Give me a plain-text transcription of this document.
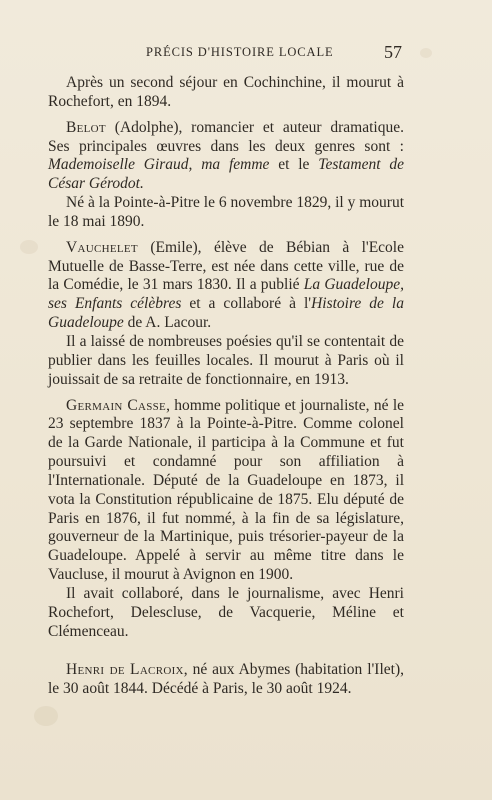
PRÉCIS D'HISTOIRE LOCALE	57

Après un second séjour en Cochinchine, il mourut à Rochefort, en 1894.

Belot (Adolphe), romancier et auteur dramatique. Ses principales œuvres dans les deux genres sont : Mademoiselle Giraud, ma femme et le Testament de César Gérodot.

Né à la Pointe-à-Pitre le 6 novembre 1829, il y mourut le 18 mai 1890.

Vauchelet (Emile), élève de Bébian à l'Ecole Mutuelle de Basse-Terre, est née dans cette ville, rue de la Comédie, le 31 mars 1830. Il a publié La Guadeloupe, ses Enfants célèbres et a collaboré à l'Histoire de la Guadeloupe de A. Lacour.

Il a laissé de nombreuses poésies qu'il se contentait de publier dans les feuilles locales. Il mourut à Paris où il jouissait de sa retraite de fonctionnaire, en 1913.

Germain Casse, homme politique et journaliste, né le 23 septembre 1837 à la Pointe-à-Pitre. Comme colonel de la Garde Nationale, il participa à la Commune et fut poursuivi et condamné pour son affiliation à l'Internationale. Député de la Guadeloupe en 1873, il vota la Constitution républicaine de 1875. Elu député de Paris en 1876, il fut nommé, à la fin de sa législature, gouverneur de la Martinique, puis trésorier-payeur de la Guadeloupe. Appelé à servir au même titre dans le Vaucluse, il mourut à Avignon en 1900.

Il avait collaboré, dans le journalisme, avec Henri Rochefort, Delescluse, de Vacquerie, Méline et Clémenceau.

Henri de Lacroix, né aux Abymes (habitation l'Ilet), le 30 août 1844. Décédé à Paris, le 30 août 1924.
